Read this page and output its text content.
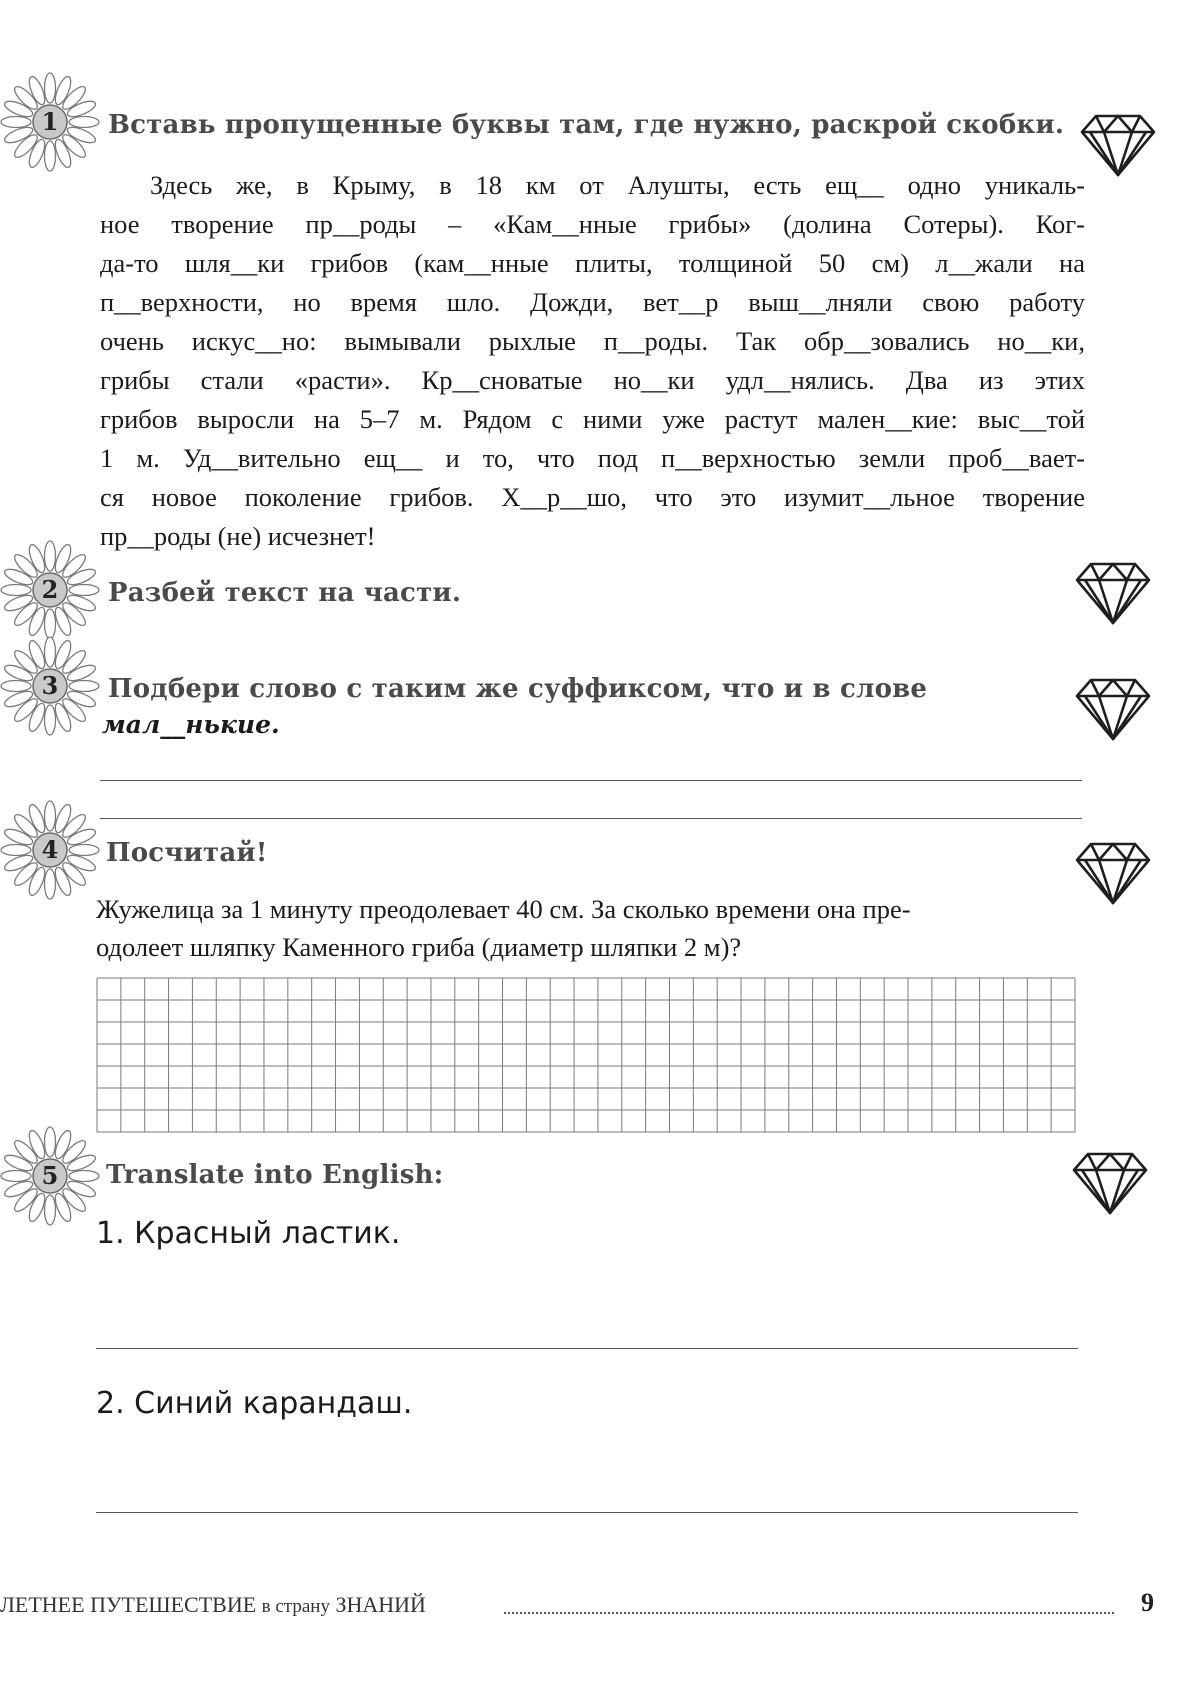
1 Вставь пропущенные буквы там, где нужно, раскрой скобки.
Здесь же, в Крыму, в 18 км от Алушты, есть ещ__ одно уникаль-
ное творение пр__роды – «Кам__нные грибы» (долина Сотеры). Ког-
да-то шля__ки грибов (кам__нные плиты, толщиной 50 см) л__жали на
п__верхности, но время шло. Дожди, вет__р выш__лняли свою работу
очень искус__но: вымывали рыхлые п__роды. Так обр__зовались но__ки,
грибы стали «расти». Кр__сноватые но__ки удл__нялись. Два из этих
грибов выросли на 5–7 м. Рядом с ними уже растут мален__кие: выс__той
1 м. Уд__вительно ещ__ и то, что под п__верхностью земли проб__вает-
ся новое поколение грибов. Х__р__шо, что это изумит__льное творение
пр__роды (не) исчезнет!
2 Разбей текст на части.
3 Подбери слово с таким же суффиксом, что и в слове
мал__нькие.
4 Посчитай!
Жужелица за 1 минуту преодолевает 40 см. За сколько времени она пре-
одолеет шляпку Каменного гриба (диаметр шляпки 2 м)?
5 Translate into English:
1. Красный ластик.
2. Синий карандаш.
ЛЕТНЕЕ ПУТЕШЕСТВИЕ в страну ЗНАНИЙ	9
